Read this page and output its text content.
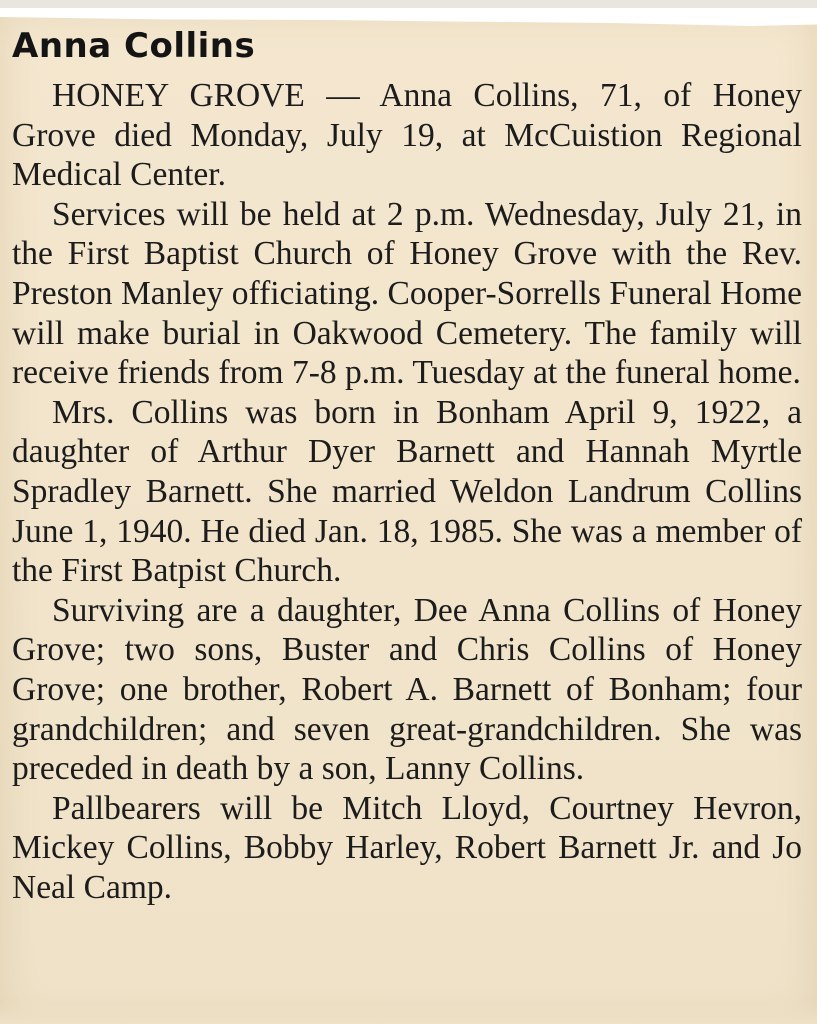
Anna Collins

HONEY GROVE — Anna Collins, 71, of Honey Grove died Monday, July 19, at McCuistion Regional Medical Center.

Services will be held at 2 p.m. Wednesday, July 21, in the First Baptist Church of Honey Grove with the Rev. Preston Manley officiating. Cooper-Sorrells Funeral Home will make burial in Oakwood Cemetery. The family will receive friends from 7-8 p.m. Tuesday at the funeral home.

Mrs. Collins was born in Bonham April 9, 1922, a daughter of Arthur Dyer Barnett and Hannah Myrtle Spradley Barnett. She married Weldon Landrum Collins June 1, 1940. He died Jan. 18, 1985. She was a member of the First Batpist Church.

Surviving are a daughter, Dee Anna Collins of Honey Grove; two sons, Buster and Chris Collins of Honey Grove; one brother, Robert A. Barnett of Bonham; four grandchildren; and seven great-grandchildren. She was preceded in death by a son, Lanny Collins.

Pallbearers will be Mitch Lloyd, Courtney Hevron, Mickey Collins, Bobby Harley, Robert Barnett Jr. and Jo Neal Camp.
